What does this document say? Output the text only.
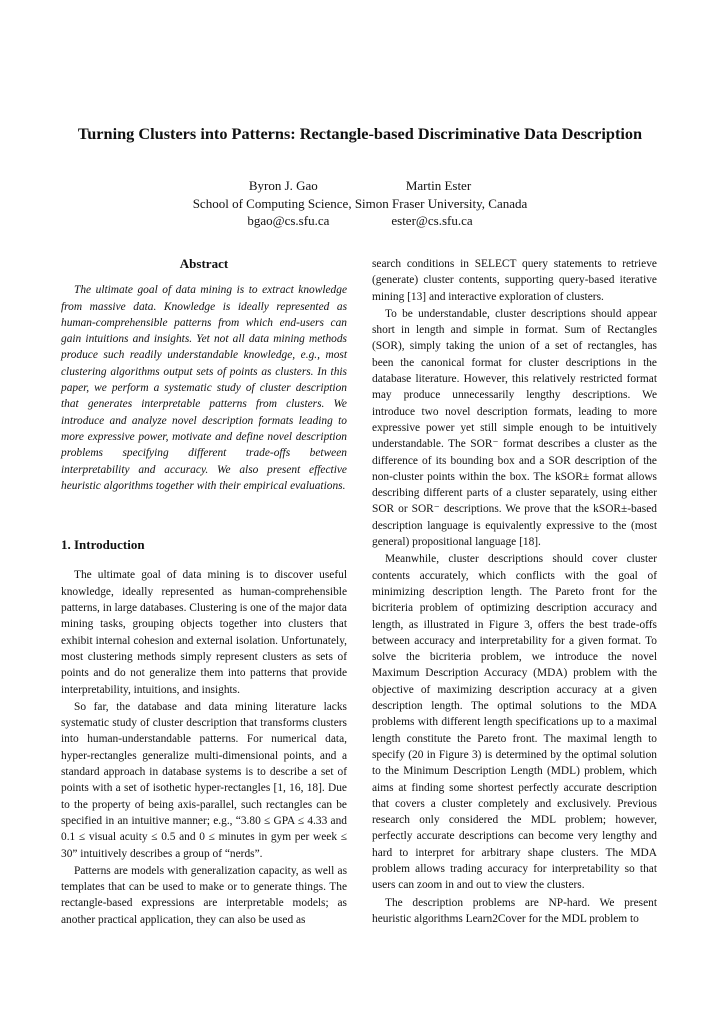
Turning Clusters into Patterns: Rectangle-based Discriminative Data Description
Byron J. Gao	Martin Ester
School of Computing Science, Simon Fraser University, Canada
bgao@cs.sfu.ca	ester@cs.sfu.ca
Abstract

The ultimate goal of data mining is to extract knowledge from massive data. Knowledge is ideally represented as human-comprehensible patterns from which end-users can gain intuitions and insights. Yet not all data mining methods produce such readily understandable knowledge, e.g., most clustering algorithms output sets of points as clusters. In this paper, we perform a systematic study of cluster description that generates interpretable patterns from clusters. We introduce and analyze novel description formats leading to more expressive power, motivate and define novel description problems specifying different trade-offs between interpretability and accuracy. We also present effective heuristic algorithms together with their empirical evaluations.

1. Introduction

The ultimate goal of data mining is to discover useful knowledge, ideally represented as human-comprehensible patterns, in large databases. Clustering is one of the major data mining tasks, grouping objects together into clusters that exhibit internal cohesion and external isolation. Unfortunately, most clustering methods simply represent clusters as sets of points and do not generalize them into patterns that provide interpretability, intuitions, and insights.

So far, the database and data mining literature lacks systematic study of cluster description that transforms clusters into human-understandable patterns. For numerical data, hyper-rectangles generalize multi-dimensional points, and a standard approach in database systems is to describe a set of points with a set of isothetic hyper-rectangles [1, 16, 18]. Due to the property of being axis-parallel, such rectangles can be specified in an intuitive manner; e.g., “3.80 ≤ GPA ≤ 4.33 and 0.1 ≤ visual acuity ≤ 0.5 and 0 ≤ minutes in gym per week ≤ 30” intuitively describes a group of “nerds”.

Patterns are models with generalization capacity, as well as templates that can be used to make or to generate things. The rectangle-based expressions are interpretable models; as another practical application, they can also be used as

search conditions in SELECT query statements to retrieve (generate) cluster contents, supporting query-based iterative mining [13] and interactive exploration of clusters.

To be understandable, cluster descriptions should appear short in length and simple in format. Sum of Rectangles (SOR), simply taking the union of a set of rectangles, has been the canonical format for cluster descriptions in the database literature. However, this relatively restricted format may produce unnecessarily lengthy descriptions. We introduce two novel description formats, leading to more expressive power yet still simple enough to be intuitively understandable. The SOR⁻ format describes a cluster as the difference of its bounding box and a SOR description of the non-cluster points within the box. The kSOR± format allows describing different parts of a cluster separately, using either SOR or SOR⁻ descriptions. We prove that the kSOR±-based description language is equivalently expressive to the (most general) propositional language [18].

Meanwhile, cluster descriptions should cover cluster contents accurately, which conflicts with the goal of minimizing description length. The Pareto front for the bicriteria problem of optimizing description accuracy and length, as illustrated in Figure 3, offers the best trade-offs between accuracy and interpretability for a given format. To solve the bicriteria problem, we introduce the novel Maximum Description Accuracy (MDA) problem with the objective of maximizing description accuracy at a given description length. The optimal solutions to the MDA problems with different length specifications up to a maximal length constitute the Pareto front. The maximal length to specify (20 in Figure 3) is determined by the optimal solution to the Minimum Description Length (MDL) problem, which aims at finding some shortest perfectly accurate description that covers a cluster completely and exclusively. Previous research only considered the MDL problem; however, perfectly accurate descriptions can become very lengthy and hard to interpret for arbitrary shape clusters. The MDA problem allows trading accuracy for interpretability so that users can zoom in and out to view the clusters.

The description problems are NP-hard. We present heuristic algorithms Learn2Cover for the MDL problem to
